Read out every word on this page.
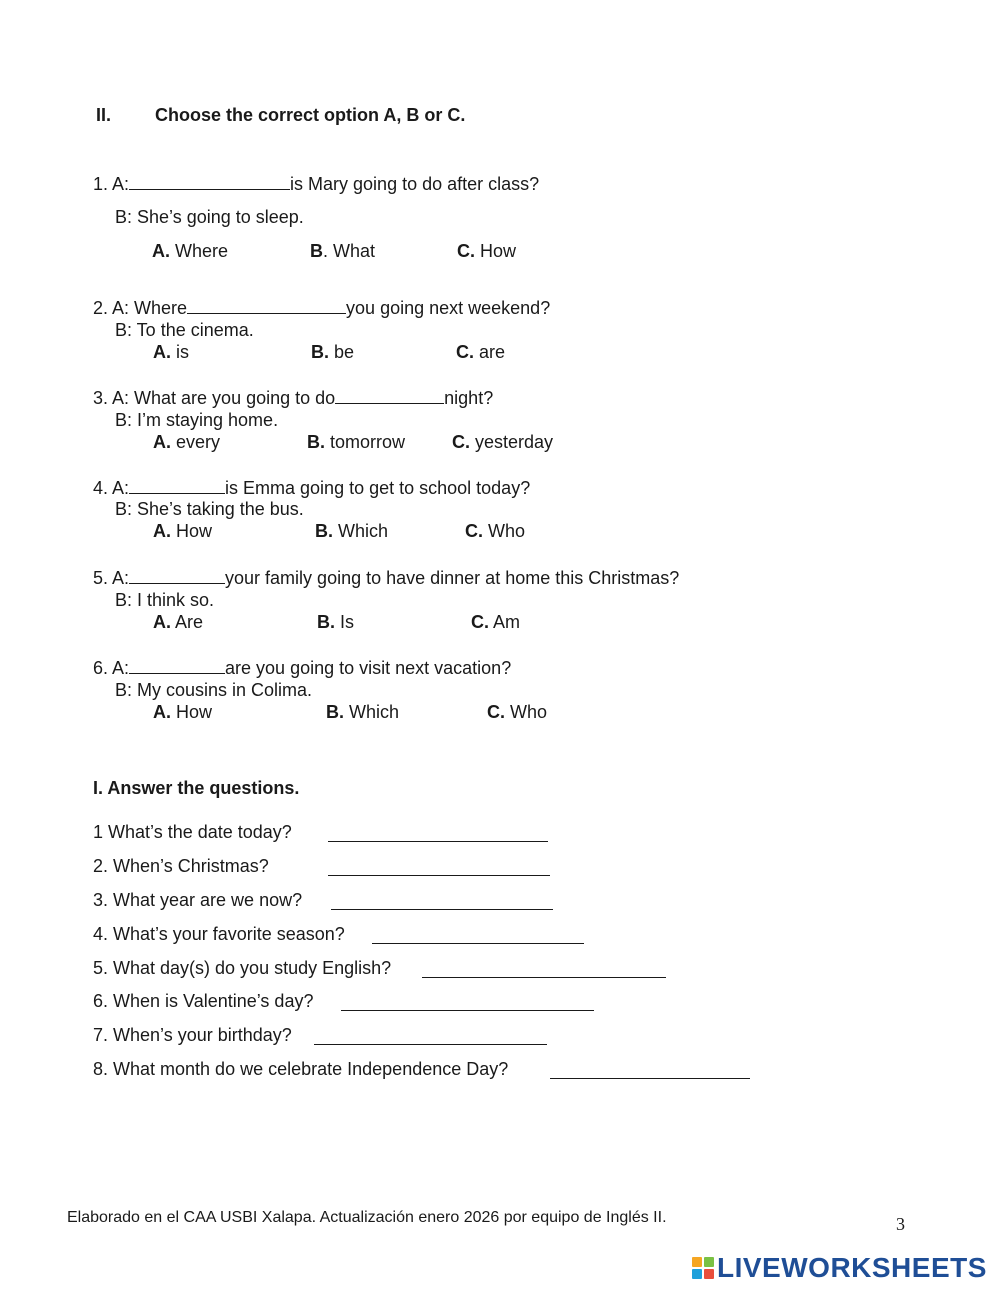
II. Choose the correct option A, B or C.
1. A:	is Mary going to do after class?
B: She’s going to sleep.
A. Where	B. What	C. How
2. A: Where	you going next weekend?
B: To the cinema.
A. is	B. be	C. are
3. A: What are you going to do	night?
B: I’m staying home.
A. every	B. tomorrow	C. yesterday
4. A:	is Emma going to get to school today?
B: She’s taking the bus.
A. How	B. Which	C. Who
5. A:	your family going to have dinner at home this Christmas?
B: I think so.
A. Are	B. Is	C. Am
6. A:	are you going to visit next vacation?
B: My cousins in Colima.
A. How	B. Which	C. Who
I. Answer the questions.
1 What’s the date today?
2. When’s Christmas?
3. What year are we now?
4. What’s your favorite season?
5. What day(s) do you study English?
6. When is Valentine’s day?
7. When’s your birthday?
8. What month do we celebrate Independence Day?
Elaborado en el CAA USBI Xalapa. Actualización enero 2026 por equipo de Inglés II.	3
LIVEWORKSHEETS
